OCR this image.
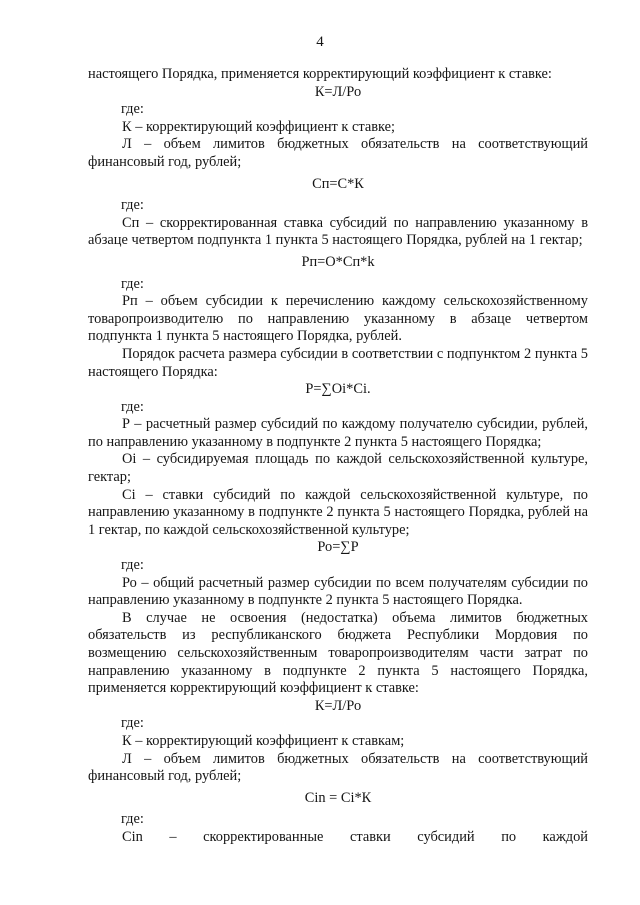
4

настоящего Порядка, применяется корректирующий коэффициент к ставке:

К=Л/Ро

где:

К – корректирующий коэффициент к ставке;

Л – объем лимитов бюджетных обязательств на соответствующий финансовый год, рублей;

Сп=С*К

где:

Сп – скорректированная ставка субсидий по направлению указанному в абзаце четвертом подпункта 1 пункта 5 настоящего Порядка, рублей на 1 гектар;

Рп=О*Сп*k

где:

Рп – объем субсидии к перечислению каждому сельскохозяйственному товаропроизводителю по направлению указанному в абзаце четвертом подпункта 1 пункта 5 настоящего Порядка, рублей.

Порядок расчета размера субсидии в соответствии с подпунктом 2 пункта 5 настоящего Порядка:

Р=∑Оi*Сi.

где:

Р – расчетный размер субсидий по каждому получателю субсидии, рублей, по направлению указанному в подпункте 2 пункта 5 настоящего Порядка;

Оi – субсидируемая площадь по каждой сельскохозяйственной культуре, гектар;

Сi – ставки субсидий по каждой сельскохозяйственной культуре, по направлению указанному в подпункте 2 пункта 5 настоящего Порядка, рублей на 1 гектар, по каждой сельскохозяйственной культуре;

Ро=∑Р

где:

Ро – общий расчетный размер субсидии по всем получателям субсидии по направлению указанному в подпункте 2 пункта 5 настоящего Порядка.

В случае не освоения (недостатка) объема лимитов бюджетных обязательств из республиканского бюджета Республики Мордовия по возмещению сельскохозяйственным товаропроизводителям части затрат по направлению указанному в подпункте 2 пункта 5 настоящего Порядка, применяется корректирующий коэффициент к ставке:

К=Л/Ро

где:

К – корректирующий коэффициент к ставкам;

Л – объем лимитов бюджетных обязательств на соответствующий финансовый год, рублей;

Сin = Сi*К

где:

Сin – скорректированные ставки субсидий по каждой
